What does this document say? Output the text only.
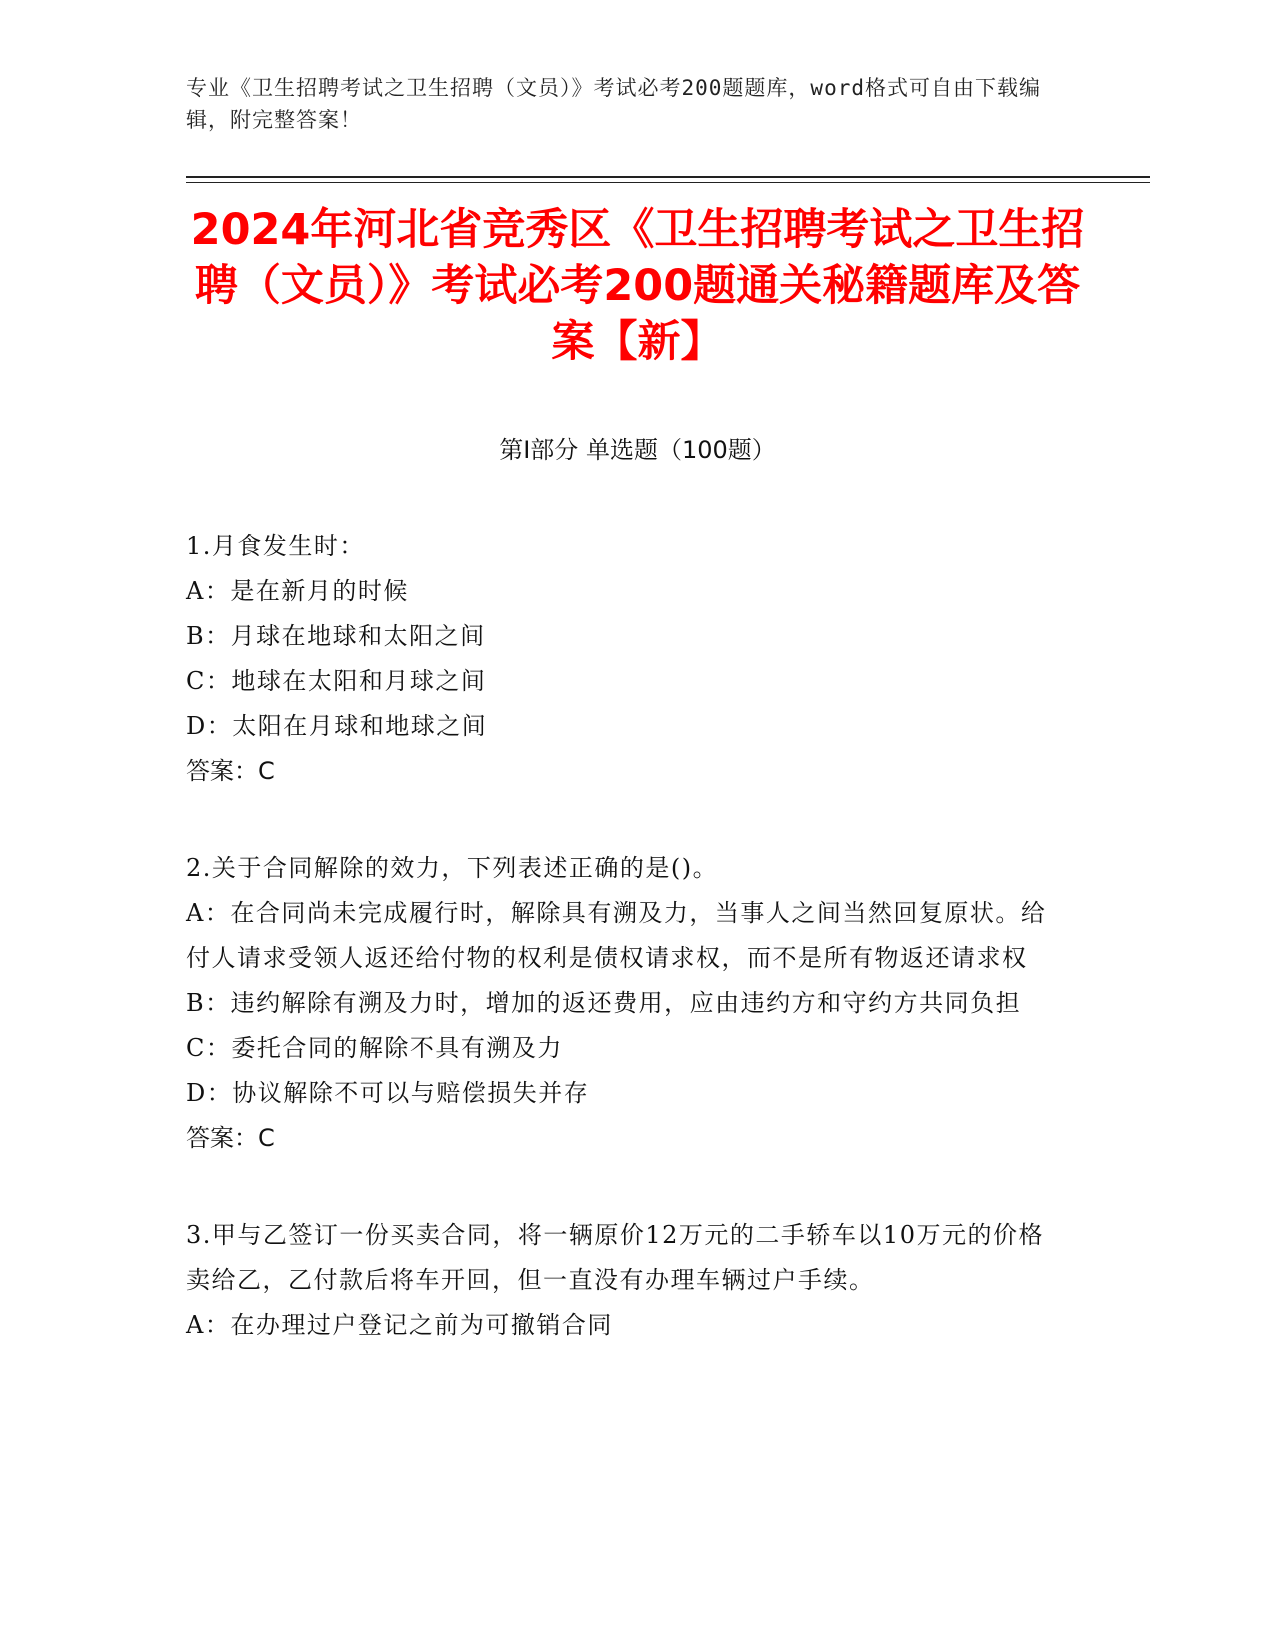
专业《卫生招聘考试之卫生招聘（文员）》考试必考200题题库，word格式可自由下载编辑，附完整答案！
2024年河北省竞秀区《卫生招聘考试之卫生招聘（文员）》考试必考200题通关秘籍题库及答案【新】
第I部分 单选题（100题）
1.月食发生时：
A：是在新月的时候
B：月球在地球和太阳之间
C：地球在太阳和月球之间
D：太阳在月球和地球之间
答案：C
2.关于合同解除的效力，下列表述正确的是()。
A：在合同尚未完成履行时，解除具有溯及力，当事人之间当然回复原状。给付人请求受领人返还给付物的权利是债权请求权，而不是所有物返还请求权
B：违约解除有溯及力时，增加的返还费用，应由违约方和守约方共同负担
C：委托合同的解除不具有溯及力
D：协议解除不可以与赔偿损失并存
答案：C
3.甲与乙签订一份买卖合同，将一辆原价12万元的二手轿车以10万元的价格卖给乙，乙付款后将车开回，但一直没有办理车辆过户手续。
A：在办理过户登记之前为可撤销合同
